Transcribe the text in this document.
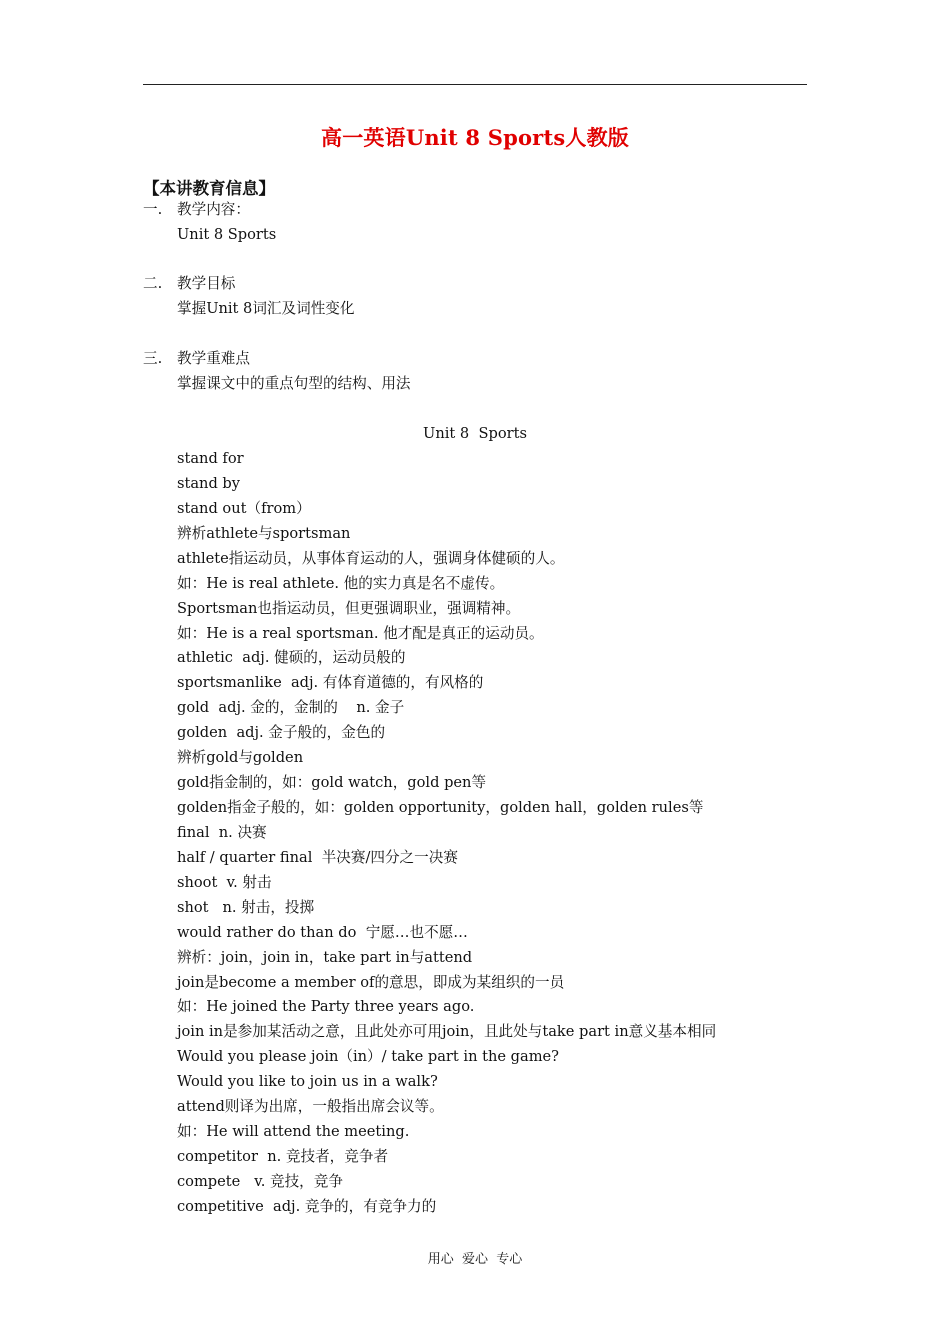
高一英语Unit 8 Sports人教版
【本讲教育信息】
一. 教学内容：
Unit 8 Sports
二. 教学目标
掌握Unit 8词汇及词性变化
三. 教学重难点
掌握课文中的重点句型的结构、用法
Unit 8  Sports
stand for
stand by
stand out（from）
辨析athlete与sportsman
athlete指运动员，从事体育运动的人，强调身体健硕的人。
如：He is real athlete. 他的实力真是名不虚传。
Sportsman也指运动员，但更强调职业，强调精神。
如：He is a real sportsman. 他才配是真正的运动员。
athletic  adj. 健硕的，运动员般的
sportsmanlike  adj. 有体育道德的，有风格的
gold  adj. 金的，金制的    n. 金子
golden  adj. 金子般的，金色的
辨析gold与golden
gold指金制的，如：gold watch，gold pen等
golden指金子般的，如：golden opportunity，golden hall，golden rules等
final  n. 决赛
half / quarter final  半决赛/四分之一决赛
shoot  v. 射击
shot   n. 射击，投掷
would rather do than do  宁愿…也不愿…
辨析：join，join in，take part in与attend
join是become a member of的意思，即成为某组织的一员
如：He joined the Party three years ago.
join in是参加某活动之意，且此处亦可用join，且此处与take part in意义基本相同
Would you please join（in）/ take part in the game?
Would you like to join us in a walk?
attend则译为出席，一般指出席会议等。
如：He will attend the meeting.
competitor  n. 竞技者，竞争者
compete   v. 竞技，竞争
competitive  adj. 竞争的，有竞争力的
用心  爱心  专心
